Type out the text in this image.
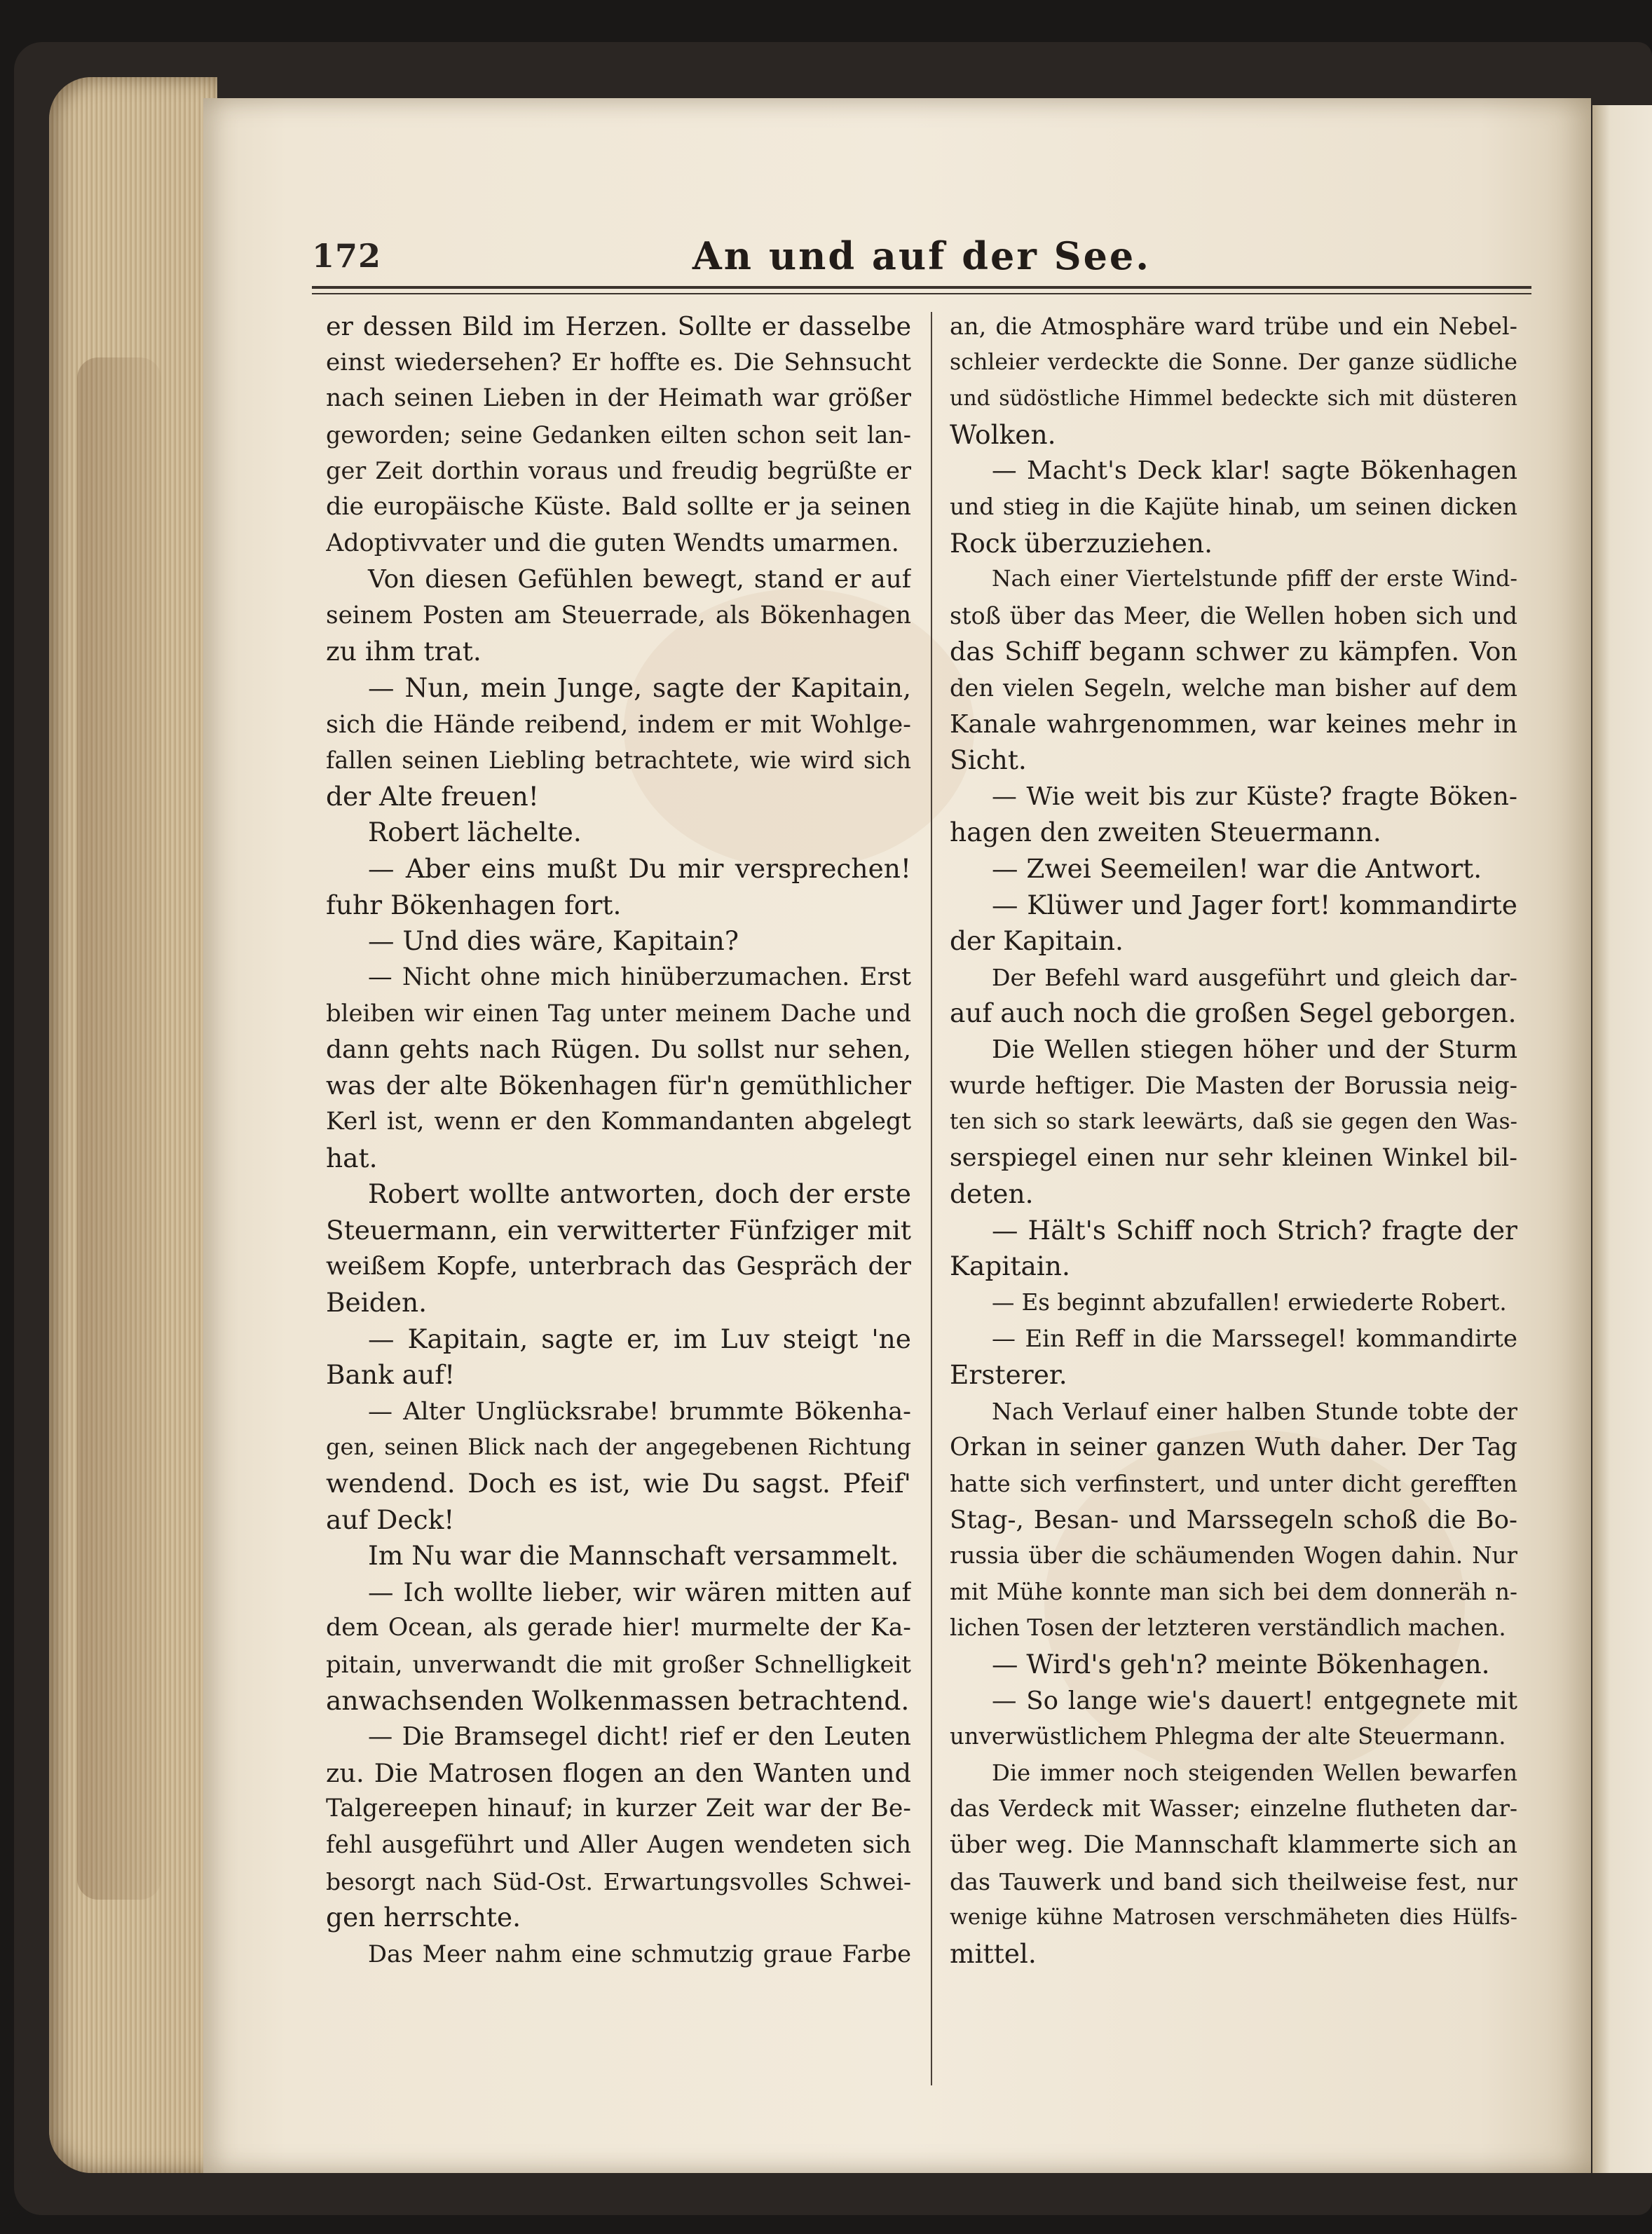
172	An und auf der See.
er dessen Bild im Herzen. Sollte er dasselbe
einst wiedersehen? Er hoffte es. Die Sehnsucht
nach seinen Lieben in der Heimath war größer
geworden; seine Gedanken eilten schon seit lan-
ger Zeit dorthin voraus und freudig begrüßte er
die europäische Küste. Bald sollte er ja seinen
Adoptivvater und die guten Wendts umarmen.
Von diesen Gefühlen bewegt, stand er auf
seinem Posten am Steuerrade, als Bökenhagen
zu ihm trat.
— Nun, mein Junge, sagte der Kapitain,
sich die Hände reibend, indem er mit Wohlge-
fallen seinen Liebling betrachtete, wie wird sich
der Alte freuen!
Robert lächelte.
— Aber eins mußt Du mir versprechen!
fuhr Bökenhagen fort.
— Und dies wäre, Kapitain?
— Nicht ohne mich hinüberzumachen. Erst
bleiben wir einen Tag unter meinem Dache und
dann gehts nach Rügen. Du sollst nur sehen,
was der alte Bökenhagen für'n gemüthlicher
Kerl ist, wenn er den Kommandanten abgelegt
hat.
Robert wollte antworten, doch der erste
Steuermann, ein verwitterter Fünfziger mit
weißem Kopfe, unterbrach das Gespräch der
Beiden.
— Kapitain, sagte er, im Luv steigt 'ne
Bank auf!
— Alter Unglücksrabe! brummte Bökenha-
gen, seinen Blick nach der angegebenen Richtung
wendend. Doch es ist, wie Du sagst. Pfeif'
auf Deck!
Im Nu war die Mannschaft versammelt.
— Ich wollte lieber, wir wären mitten auf
dem Ocean, als gerade hier! murmelte der Ka-
pitain, unverwandt die mit großer Schnelligkeit
anwachsenden Wolkenmassen betrachtend.
— Die Bramsegel dicht! rief er den Leuten
zu. Die Matrosen flogen an den Wanten und
Talgereepen hinauf; in kurzer Zeit war der Be-
fehl ausgeführt und Aller Augen wendeten sich
besorgt nach Süd-Ost. Erwartungsvolles Schwei-
gen herrschte.
Das Meer nahm eine schmutzig graue Farbe
an, die Atmosphäre ward trübe und ein Nebel-
schleier verdeckte die Sonne. Der ganze südliche
und südöstliche Himmel bedeckte sich mit düsteren
Wolken.
— Macht's Deck klar! sagte Bökenhagen
und stieg in die Kajüte hinab, um seinen dicken
Rock überzuziehen.
Nach einer Viertelstunde pfiff der erste Wind-
stoß über das Meer, die Wellen hoben sich und
das Schiff begann schwer zu kämpfen. Von
den vielen Segeln, welche man bisher auf dem
Kanale wahrgenommen, war keines mehr in
Sicht.
— Wie weit bis zur Küste? fragte Böken-
hagen den zweiten Steuermann.
— Zwei Seemeilen! war die Antwort.
— Klüwer und Jager fort! kommandirte
der Kapitain.
Der Befehl ward ausgeführt und gleich dar-
auf auch noch die großen Segel geborgen.
Die Wellen stiegen höher und der Sturm
wurde heftiger. Die Masten der Borussia neig-
ten sich so stark leewärts, daß sie gegen den Was-
serspiegel einen nur sehr kleinen Winkel bil-
deten.
— Hält's Schiff noch Strich? fragte der
Kapitain.
— Es beginnt abzufallen! erwiederte Robert.
— Ein Reff in die Marssegel! kommandirte
Ersterer.
Nach Verlauf einer halben Stunde tobte der
Orkan in seiner ganzen Wuth daher. Der Tag
hatte sich verfinstert, und unter dicht gerefften
Stag-, Besan- und Marssegeln schoß die Bo-
russia über die schäumenden Wogen dahin. Nur
mit Mühe konnte man sich bei dem donneräh n-
lichen Tosen der letzteren verständlich machen.
— Wird's geh'n? meinte Bökenhagen.
— So lange wie's dauert! entgegnete mit
unverwüstlichem Phlegma der alte Steuermann.
Die immer noch steigenden Wellen bewarfen
das Verdeck mit Wasser; einzelne flutheten dar-
über weg. Die Mannschaft klammerte sich an
das Tauwerk und band sich theilweise fest, nur
wenige kühne Matrosen verschmäheten dies Hülfs-
mittel.
